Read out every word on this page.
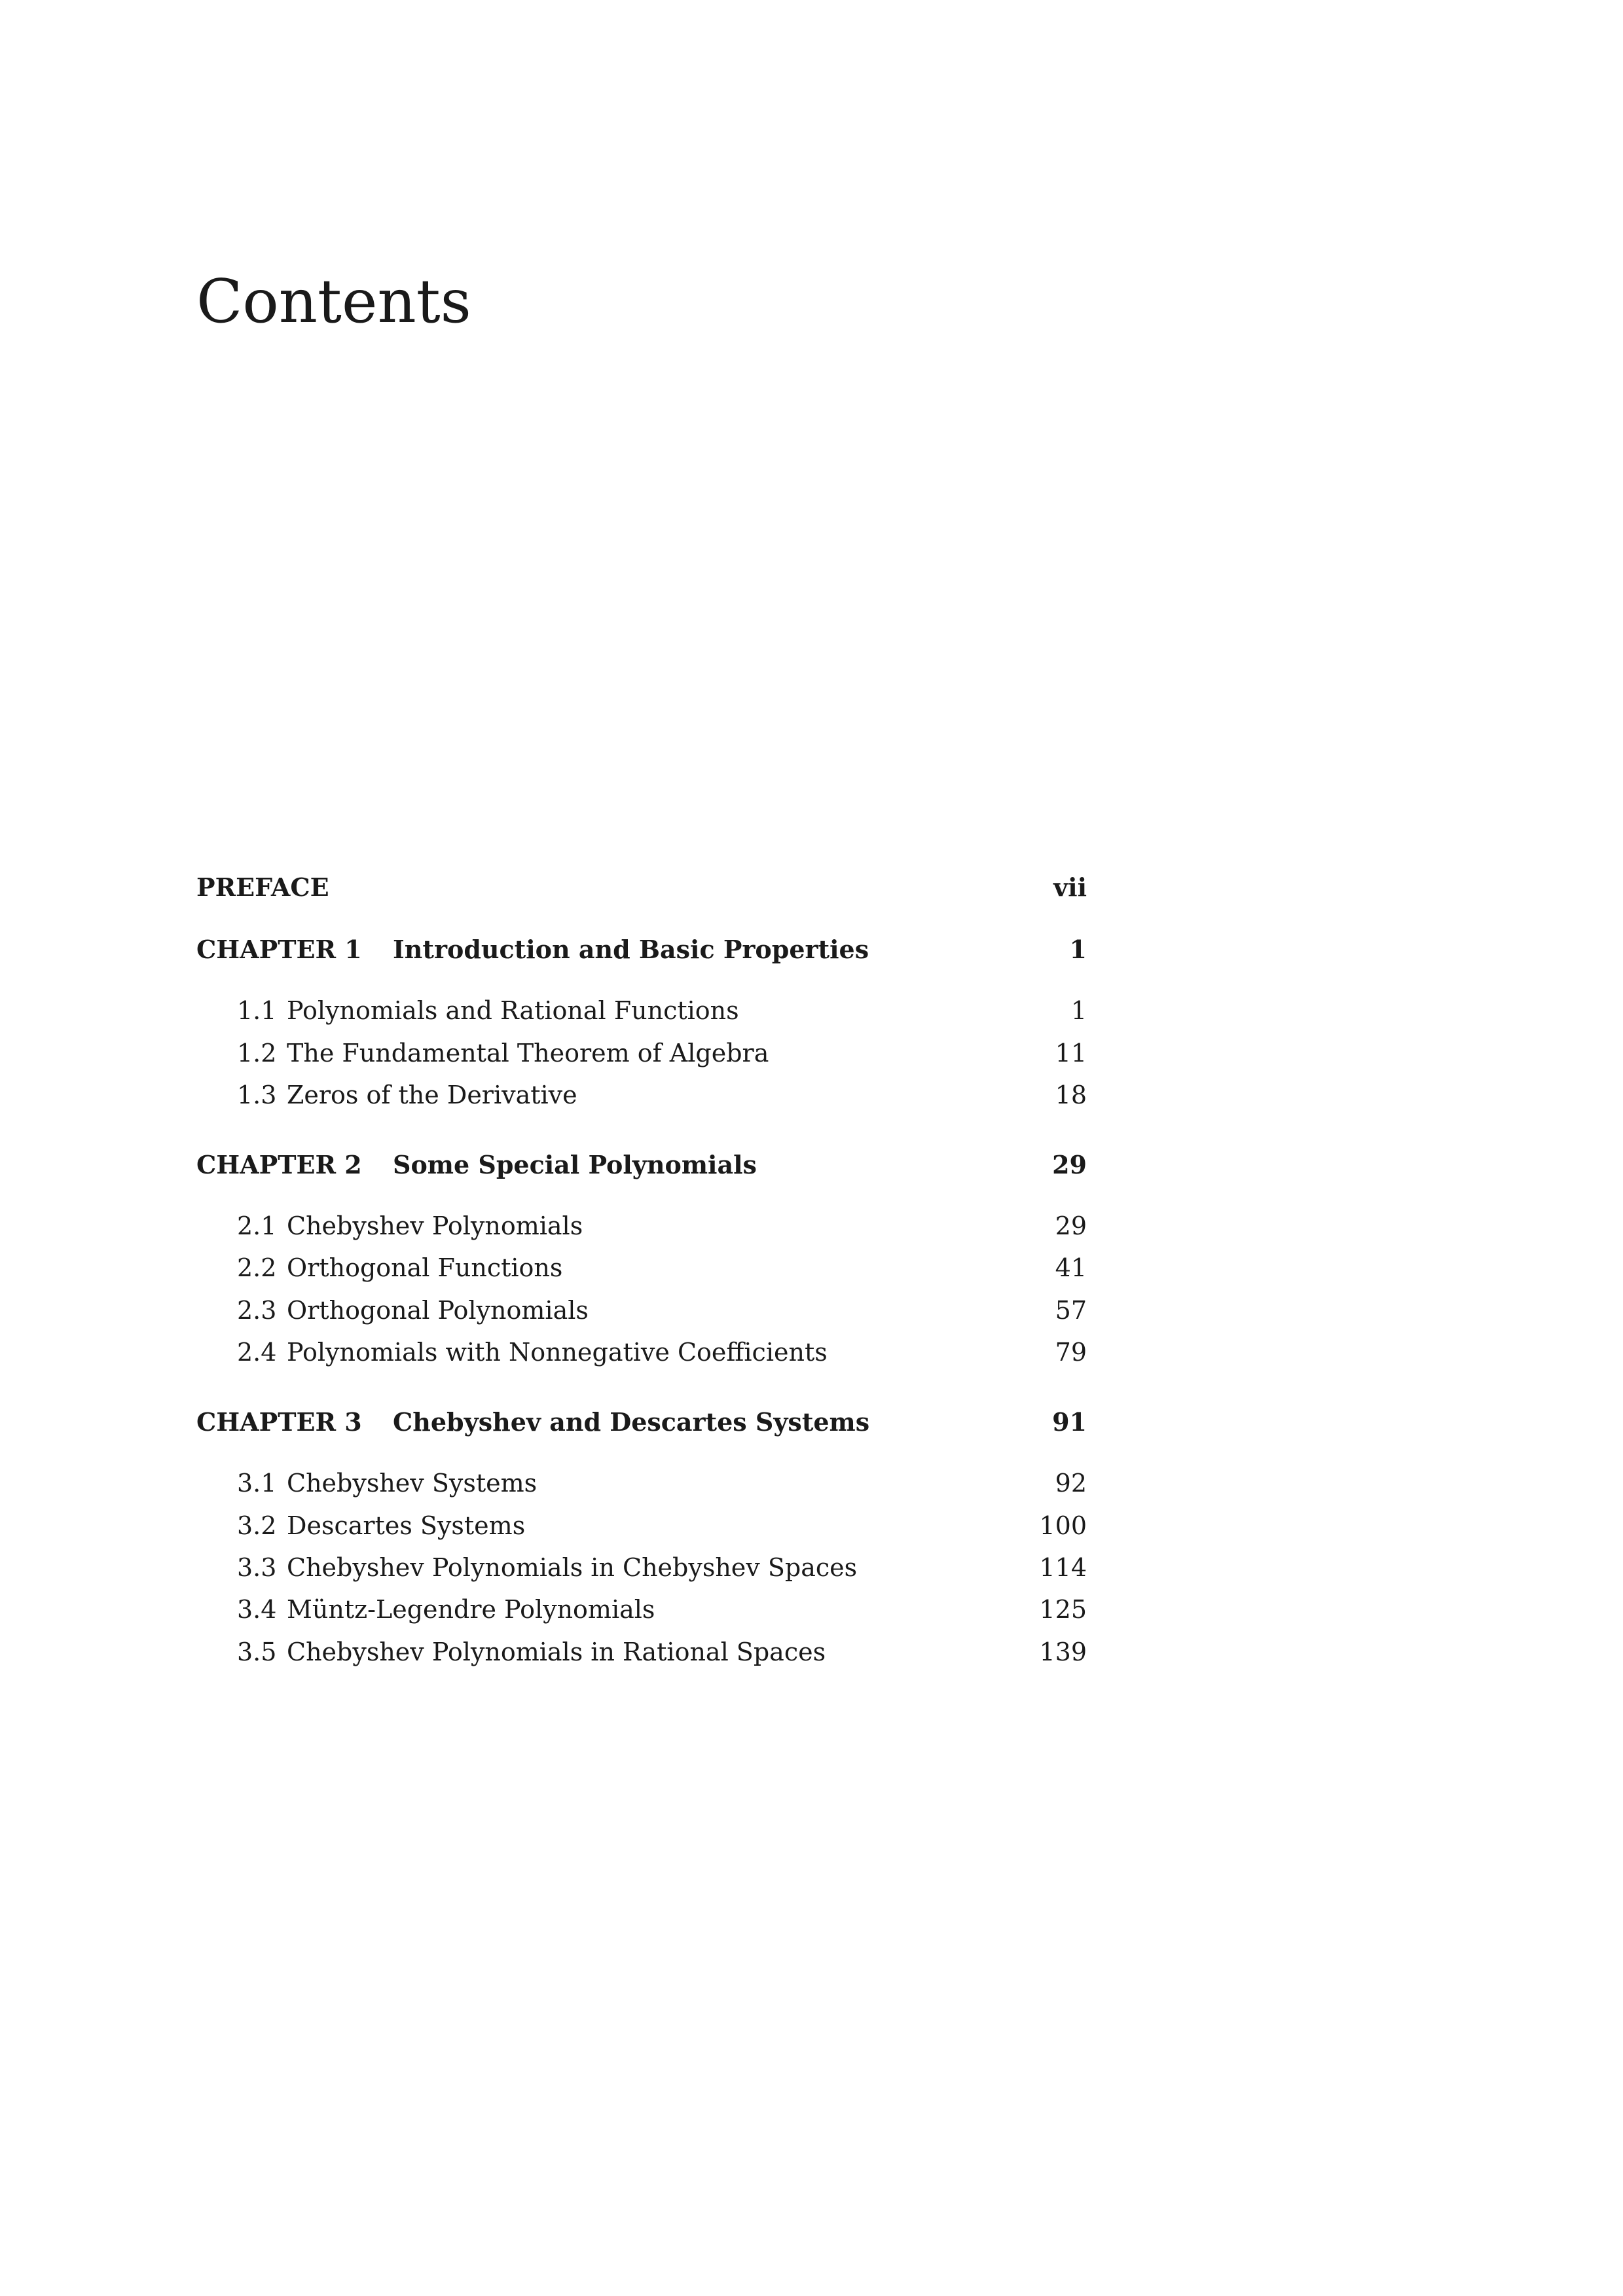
Contents
PREFACE	vii
CHAPTER 1 Introduction and Basic Properties	1
1.1 Polynomials and Rational Functions	1
1.2 The Fundamental Theorem of Algebra	11
1.3 Zeros of the Derivative	18
CHAPTER 2 Some Special Polynomials	29
2.1 Chebyshev Polynomials	29
2.2 Orthogonal Functions	41
2.3 Orthogonal Polynomials	57
2.4 Polynomials with Nonnegative Coefficients	79
CHAPTER 3 Chebyshev and Descartes Systems	91
3.1 Chebyshev Systems	92
3.2 Descartes Systems	100
3.3 Chebyshev Polynomials in Chebyshev Spaces	114
3.4 Müntz-Legendre Polynomials	125
3.5 Chebyshev Polynomials in Rational Spaces	139
